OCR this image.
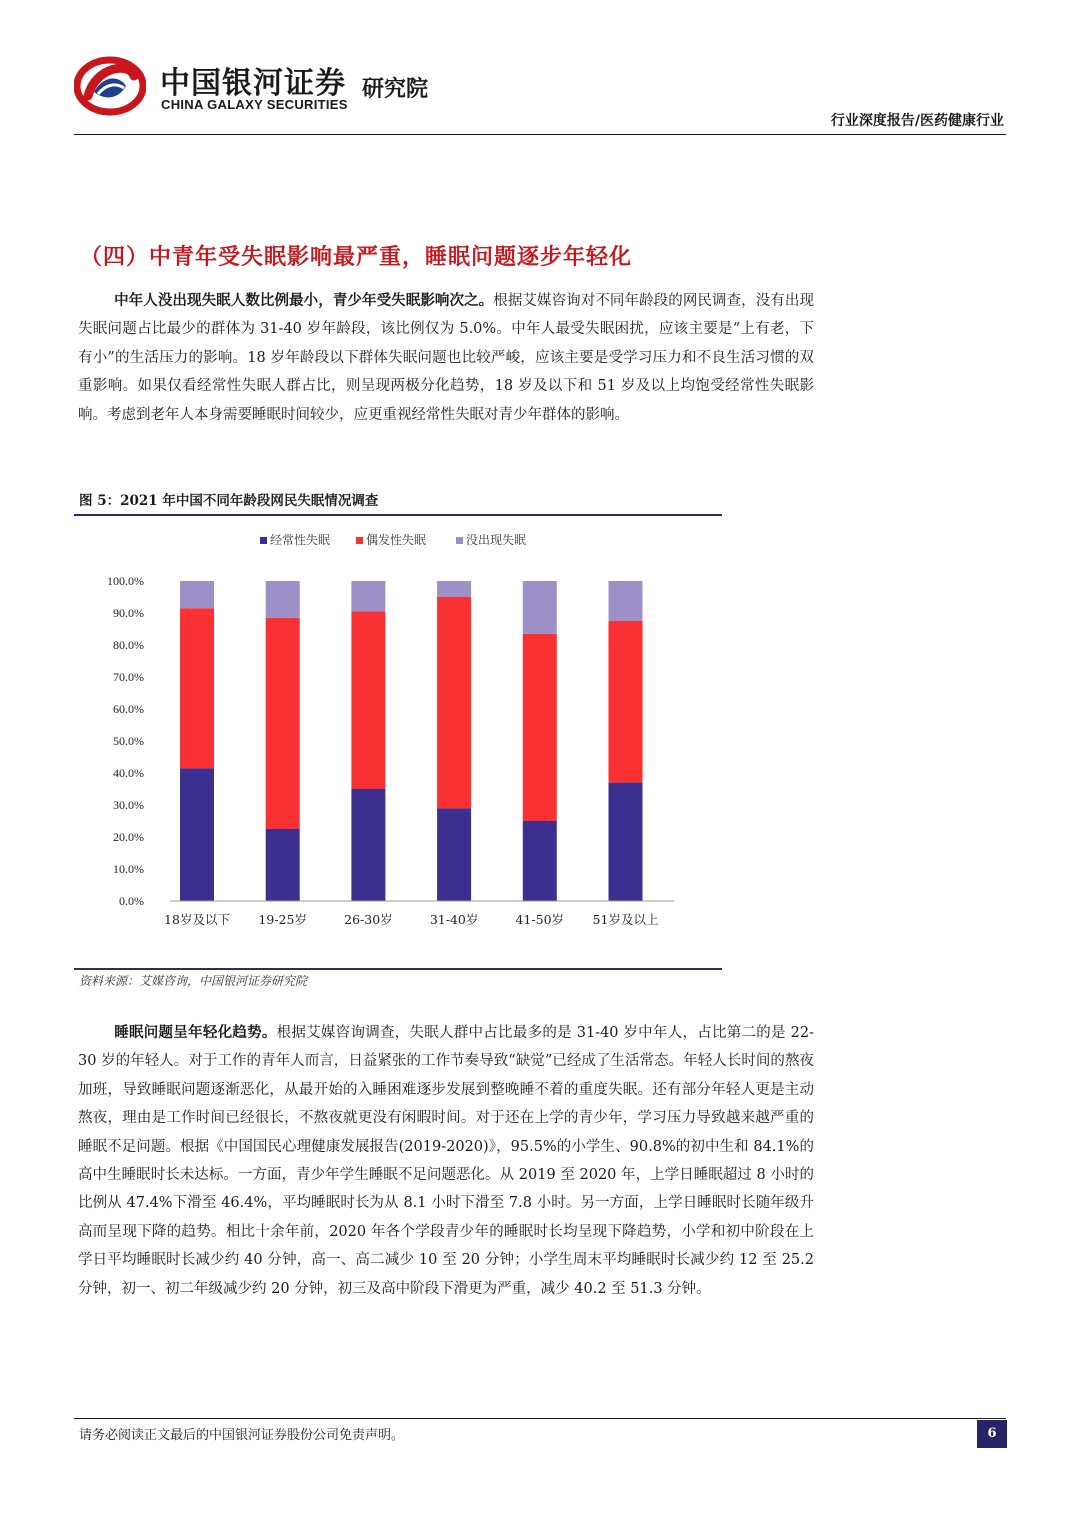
中国银河证券
CHINA GALAXY SECURITIES
研究院
行业深度报告/医药健康行业
（四）中青年受失眠影响最严重，睡眠问题逐步年轻化

中年人没出现失眠人数比例最小，青少年受失眠影响次之。根据艾媒咨询对不同年龄段的网民调查，没有出现失眠问题占比最少的群体为 31-40 岁年龄段，该比例仅为 5.0%。中年人最受失眠困扰，应该主要是“上有老，下有小”的生活压力的影响。18 岁年龄段以下群体失眠问题也比较严峻，应该主要是受学习压力和不良生活习惯的双重影响。如果仅看经常性失眠人群占比，则呈现两极分化趋势，18 岁及以下和 51 岁及以上均饱受经常性失眠影响。考虑到老年人本身需要睡眠时间较少，应更重视经常性失眠对青少年群体的影响。

图 5：2021 年中国不同年龄段网民失眠情况调查
经常性失眠	偶发性失眠	没出现失眠
0.0%
10.0%
20.0%
30.0%
40.0%
50.0%
60.0%
70.0%
80.0%
90.0%
100.0%
18岁及以下 19-25岁	26-30岁	31-40岁	41-50岁 51岁及以上
资料来源：艾媒咨询，中国银河证券研究院

睡眠问题呈年轻化趋势。根据艾媒咨询调查，失眠人群中占比最多的是 31-40 岁中年人，占比第二的是 22-30 岁的年轻人。对于工作的青年人而言，日益紧张的工作节奏导致“缺觉”已经成了生活常态。年轻人长时间的熬夜加班，导致睡眠问题逐渐恶化，从最开始的入睡困难逐步发展到整晚睡不着的重度失眠。还有部分年轻人更是主动熬夜，理由是工作时间已经很长，不熬夜就更没有闲暇时间。对于还在上学的青少年，学习压力导致越来越严重的睡眠不足问题。根据《中国国民心理健康发展报告(2019-2020)》，95.5%的小学生、90.8%的初中生和 84.1%的高中生睡眠时长未达标。一方面，青少年学生睡眠不足问题恶化。从 2019 至 2020 年，上学日睡眠超过 8 小时的比例从 47.4%下滑至 46.4%，平均睡眠时长为从 8.1 小时下滑至 7.8 小时。另一方面，上学日睡眠时长随年级升高而呈现下降的趋势。相比十余年前，2020 年各个学段青少年的睡眠时长均呈现下降趋势，小学和初中阶段在上学日平均睡眠时长减少约 40 分钟，高一、高二减少 10 至 20 分钟；小学生周末平均睡眠时长减少约 12 至 25.2 分钟，初一、初二年级减少约 20 分钟，初三及高中阶段下滑更为严重，减少 40.2 至 51.3 分钟。

请务必阅读正文最后的中国银河证券股份公司免责声明。	6
